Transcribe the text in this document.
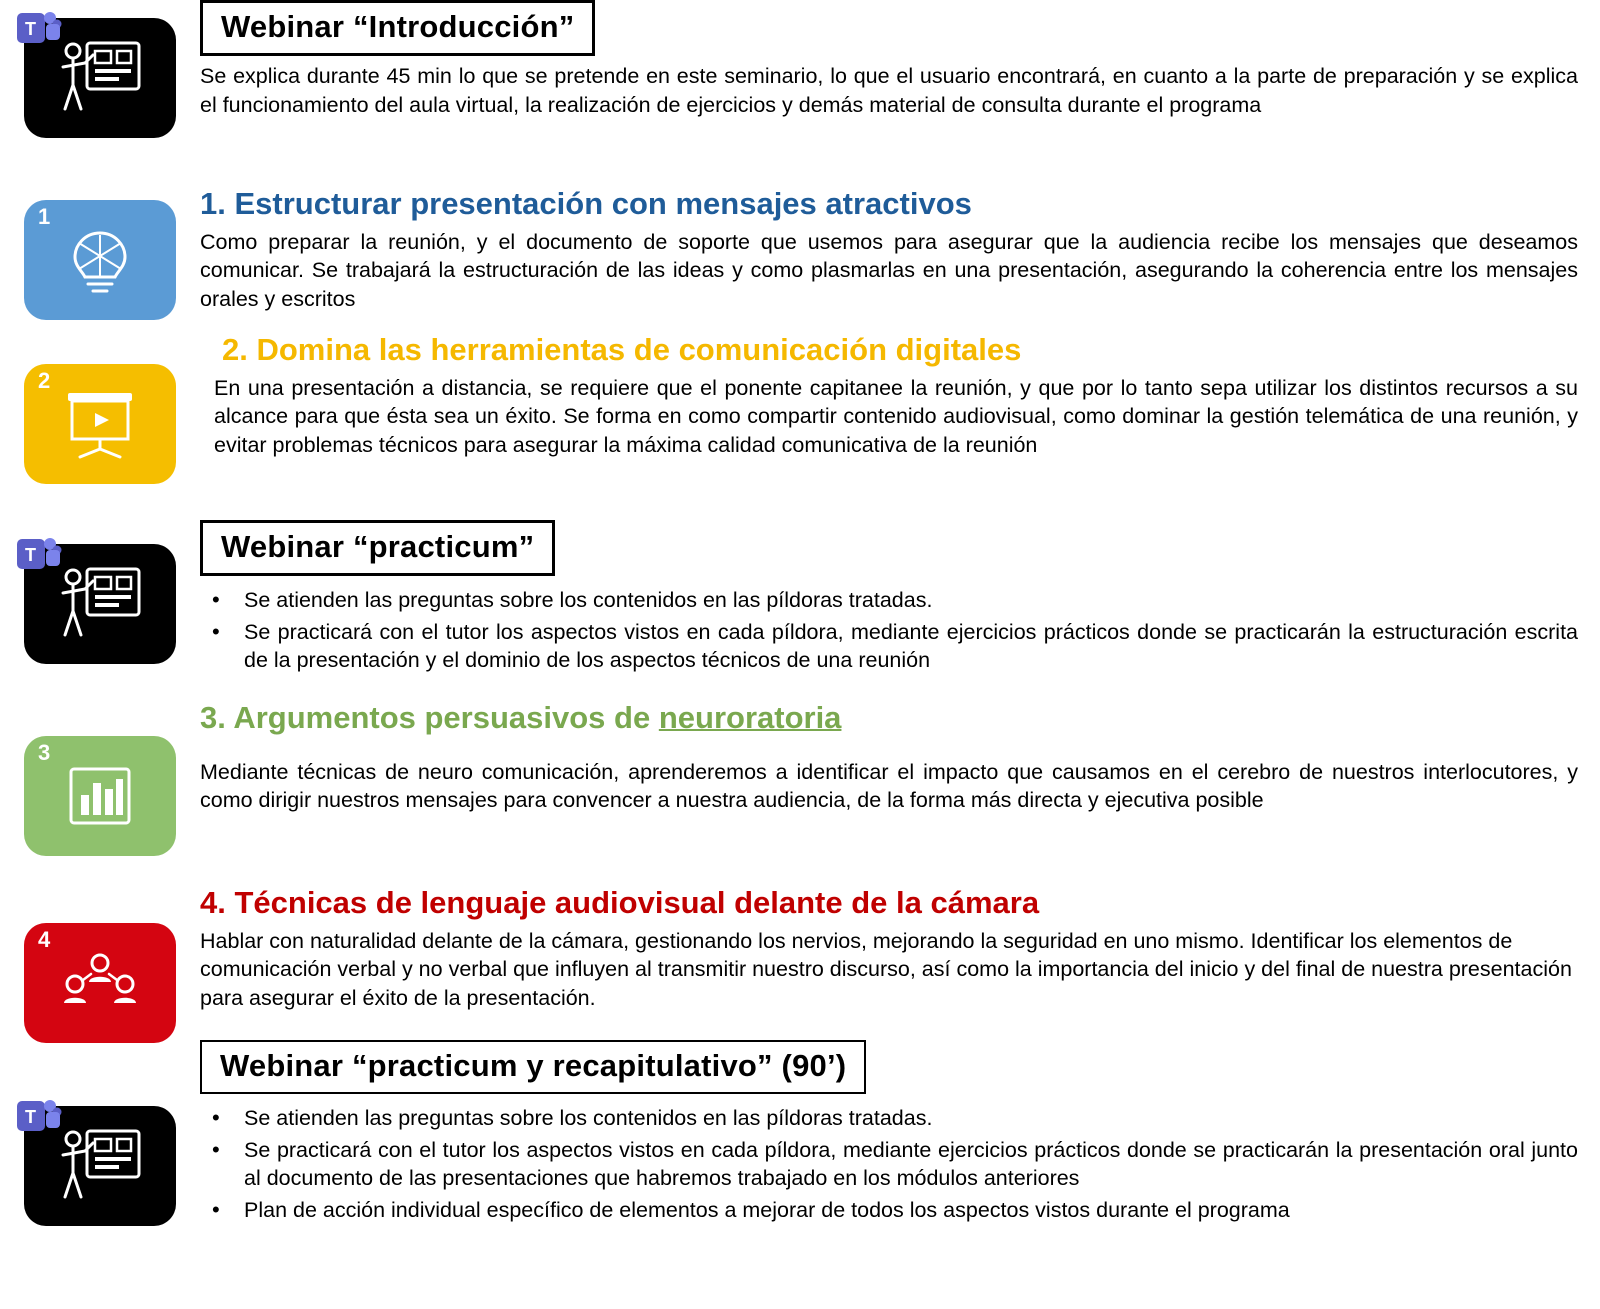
T	Webinar “Introducción”

Se explica durante 45 min lo que se pretende en este seminario, lo que el usuario encontrará, en cuanto a la parte de preparación y se explica el funcionamiento del aula virtual, la realización de ejercicios y demás material de consulta durante el programa

1	1. Estructurar presentación con mensajes atractivos

Como preparar la reunión, y el documento de soporte que usemos para asegurar que la audiencia recibe los mensajes que deseamos comunicar. Se trabajará la estructuración de las ideas y como plasmarlas en una presentación, asegurando la coherencia entre los mensajes orales y escritos

2
2. Domina las herramientas de comunicación digitales

En una presentación a distancia, se requiere que el ponente capitanee la reunión, y que por lo tanto sepa utilizar los distintos recursos a su alcance para que ésta sea un éxito. Se forma en como compartir contenido audiovisual, como dominar la gestión telemática de una reunión, y evitar problemas técnicos para asegurar la máxima calidad comunicativa de la reunión

T	Webinar “practicum”
• Se atienden las preguntas sobre los contenidos en las píldoras tratadas.
• Se practicará con el tutor los aspectos vistos en cada píldora, mediante ejercicios prácticos donde se practicarán la estructuración escrita de la presentación y el dominio de los aspectos técnicos de una reunión
3
3. Argumentos persuasivos de neuroratoria

Mediante técnicas de neuro comunicación, aprenderemos a identificar el impacto que causamos en el cerebro de nuestros interlocutores, y como dirigir nuestros mensajes para convencer a nuestra audiencia, de la forma más directa y ejecutiva posible

4
4. Técnicas de lenguaje audiovisual delante de la cámara

Hablar con naturalidad delante de la cámara, gestionando los nervios, mejorando la seguridad en uno mismo. Identificar los elementos de comunicación verbal y no verbal que influyen al transmitir nuestro discurso, así como la importancia del inicio y del final de nuestra presentación para asegurar el éxito de la presentación.

T
Webinar “practicum y recapitulativo” (90’)
• Se atienden las preguntas sobre los contenidos en las píldoras tratadas.
• Se practicará con el tutor los aspectos vistos en cada píldora, mediante ejercicios prácticos donde se practicarán la presentación oral junto al documento de las presentaciones que habremos trabajado en los módulos anteriores
• Plan de acción individual específico de elementos a mejorar de todos los aspectos vistos durante el programa
